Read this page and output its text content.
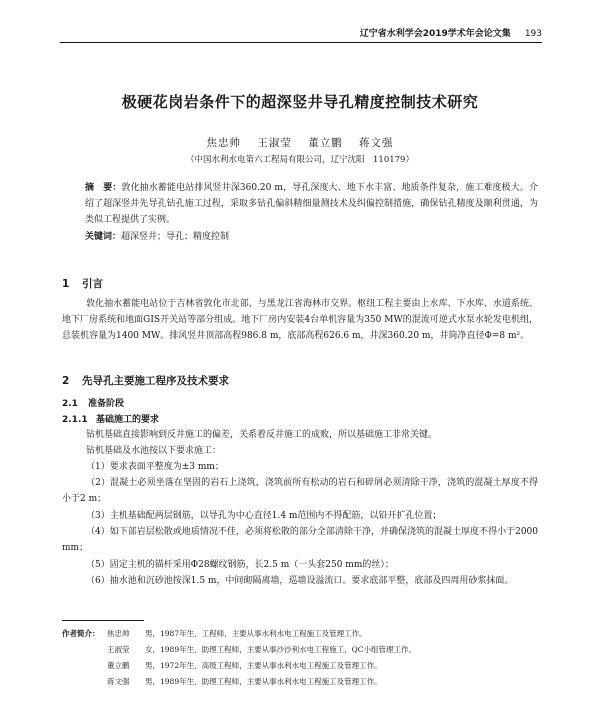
辽宁省水利学会2019学术年会论文集 193
极硬花岗岩条件下的超深竖井导孔精度控制技术研究
焦忠帅 王淑莹 董立鹏 蒋文强
（中国水利水电第六工程局有限公司，辽宁沈阳　110179）
摘　要：敦化抽水蓄能电站排风竖井深360.20 m，导孔深度大、地下水丰富、地质条件复杂，施工难度极大。介绍了超深竖井先导孔钻孔施工过程，采取多钻孔偏斜精细量测技术及纠偏控制措施，确保钻孔精度及顺利贯通，为类似工程提供了实例。
关键词：超深竖井；导孔；精度控制
1 引言
敦化抽水蓄能电站位于吉林省敦化市北部，与黑龙江省海林市交界。枢纽工程主要由上水库、下水库、水道系统、地下厂房系统和地面GIS开关站等部分组成。地下厂房内安装4台单机容量为350 MW的混流可逆式水泵水轮发电机组，总装机容量为1400 MW。排风竖井顶部高程986.8 m，底部高程626.6 m，井深360.20 m，井筒净直径Φ=8 m²。
2 先导孔主要施工程序及技术要求
2.1 准备阶段
2.1.1 基础施工的要求
钻机基础直接影响到反井施工的偏差，关系着反井施工的成败，所以基础施工非常关键。
钻机基础及水池按以下要求施工：
（1）要求表面平整度为±3 mm；
（2）混凝土必须坐落在坚固的岩石上浇筑，浇筑前所有松动的岩石和碎屑必须清除干净，浇筑的混凝土厚度不得小于2 m；
（3）主机基础配两层钢筋，以导孔为中心直径1.4 m范围内不得配筋，以铅开扩孔位置；
（4）如下部岩层松散或地质情况不佳，必须将松散的部分全部清除干净，并确保浇筑的混凝土厚度不得小于2000 mm；
（5）固定主机的锚杆采用Φ28螺纹钢筋，长2.5 m（一头套250 mm的丝）；
（6）抽水池和沉砂池按深1.5 m，中间砌隔离墙，巡墙设溢流口。要求底部平整，底部及四周用砂浆抹面。
作者简介：	焦忠帅	男，1987年生，工程师，主要从事水利水电工程施工及管理工作。
王淑莹	女，1989年生，助理工程师，主要从事沙沙利水电工程施工，QC小组管理工作。
董立鹏	男，1972年生，高级工程师，主要从事水利水电工程施工及管理工作。
蒋文强	男，1989年生，助理工程师，主要从事水利水电工程施工及管理工作。
